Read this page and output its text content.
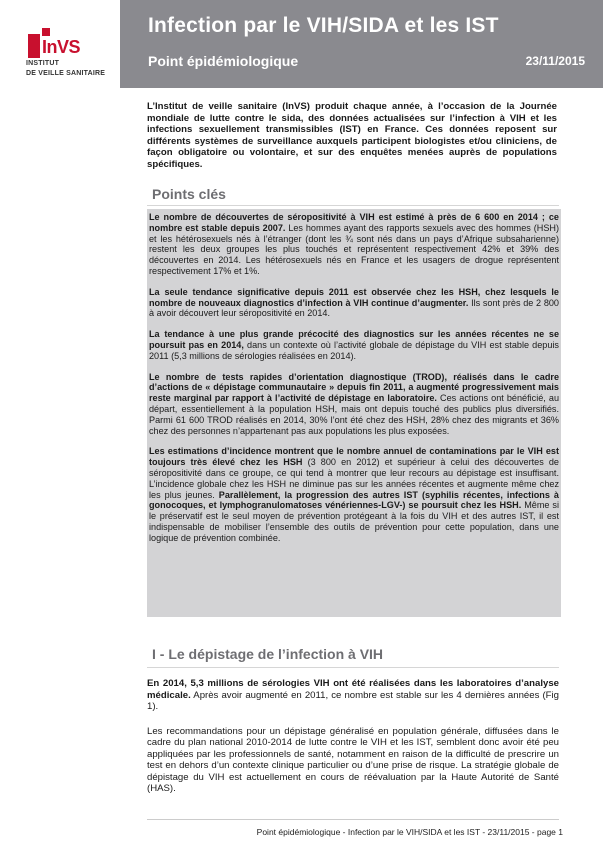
InVS
INSTITUT
DE VEILLE SANITAIRE
Infection par le VIH/SIDA et les IST
Point épidémiologique	23/11/2015
L’Institut de veille sanitaire (InVS) produit chaque année, à l’occasion de la Journée mondiale de lutte contre le sida, des données actualisées sur l’infection à VIH et les infections sexuellement transmissibles (IST) en France. Ces données reposent sur différents systèmes de surveillance auxquels participent biologistes et/ou cliniciens, de façon obligatoire ou volontaire, et sur des enquêtes menées auprès de populations spécifiques.
Points clés

Le nombre de découvertes de séropositivité à VIH est estimé à près de 6 600 en 2014 ; ce nombre est stable depuis 2007. Les hommes ayant des rapports sexuels avec des hommes (HSH) et les hétérosexuels nés à l’étranger (dont les ¾ sont nés dans un pays d’Afrique subsaharienne) restent les deux groupes les plus touchés et représentent respectivement 42% et 39% des découvertes en 2014. Les hétérosexuels nés en France et les usagers de drogue représentent respectivement 17% et 1%.

La seule tendance significative depuis 2011 est observée chez les HSH, chez lesquels le nombre de nouveaux diagnostics d’infection à VIH continue d’augmenter. Ils sont près de 2 800 à avoir découvert leur séropositivité en 2014.

La tendance à une plus grande précocité des diagnostics sur les années récentes ne se poursuit pas en 2014, dans un contexte où l’activité globale de dépistage du VIH est stable depuis 2011 (5,3 millions de sérologies réalisées en 2014).

Le nombre de tests rapides d’orientation diagnostique (TROD), réalisés dans le cadre d’actions de « dépistage communautaire » depuis fin 2011, a augmenté progressivement mais reste marginal par rapport à l’activité de dépistage en laboratoire. Ces actions ont bénéficié, au départ, essentiellement à la population HSH, mais ont depuis touché des publics plus diversifiés. Parmi 61 600 TROD réalisés en 2014, 30% l’ont été chez des HSH, 28% chez des migrants et 36% chez des personnes n’appartenant pas aux populations les plus exposées.

Les estimations d’incidence montrent que le nombre annuel de contaminations par le VIH est toujours très élevé chez les HSH (3 800 en 2012) et supérieur à celui des découvertes de séropositivité dans ce groupe, ce qui tend à montrer que leur recours au dépistage est insuffisant. L’incidence globale chez les HSH ne diminue pas sur les années récentes et augmente même chez les plus jeunes. Parallèlement, la progression des autres IST (syphilis récentes, infections à gonocoques, et lymphogranulomatoses vénériennes-LGV-) se poursuit chez les HSH. Même si le préservatif est le seul moyen de prévention protégeant à la fois du VIH et des autres IST, il est indispensable de mobiliser l’ensemble des outils de prévention pour cette population, dans une logique de prévention combinée.

I - Le dépistage de l’infection à VIH

En 2014, 5,3 millions de sérologies VIH ont été réalisées dans les laboratoires d’analyse médicale. Après avoir augmenté en 2011, ce nombre est stable sur les 4 dernières années (Fig 1).

Les recommandations pour un dépistage généralisé en population générale, diffusées dans le cadre du plan national 2010-2014 de lutte contre le VIH et les IST, semblent donc avoir été peu appliquées par les professionnels de santé, notamment en raison de la difficulté de prescrire un test en dehors d’un contexte clinique particulier ou d’une prise de risque. La stratégie globale de dépistage du VIH est actuellement en cours de réévaluation par la Haute Autorité de Santé (HAS).

Point épidémiologique - Infection par le VIH/SIDA et les IST - 23/11/2015 - page 1
